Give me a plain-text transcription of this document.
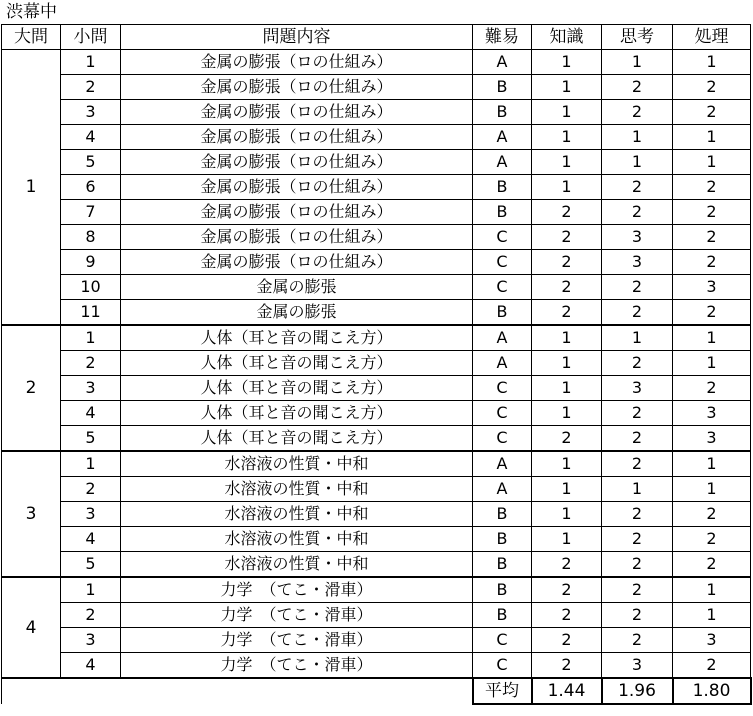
渋幕中
大問	小問	問題内容	難易	知識	思考	処理
1	1	金属の膨張（ロの仕組み）	A	1	1	1
	2	金属の膨張（ロの仕組み）	B	1	2	2
	3	金属の膨張（ロの仕組み）	B	1	2	2
	4	金属の膨張（ロの仕組み）	A	1	1	1
	5	金属の膨張（ロの仕組み）	A	1	1	1
	6	金属の膨張（ロの仕組み）	B	1	2	2
	7	金属の膨張（ロの仕組み）	B	2	2	2
	8	金属の膨張（ロの仕組み）	C	2	3	2
	9	金属の膨張（ロの仕組み）	C	2	3	2
	10	金属の膨張	C	2	2	3
	11	金属の膨張	B	2	2	2
2	1	人体（耳と音の聞こえ方）	A	1	1	1
	2	人体（耳と音の聞こえ方）	A	1	2	1
	3	人体（耳と音の聞こえ方）	C	1	3	2
	4	人体（耳と音の聞こえ方）	C	1	2	3
	5	人体（耳と音の聞こえ方）	C	2	2	3
3	1	水溶液の性質・中和	A	1	2	1
	2	水溶液の性質・中和	A	1	1	1
	3	水溶液の性質・中和	B	1	2	2
	4	水溶液の性質・中和	B	1	2	2
	5	水溶液の性質・中和	B	2	2	2
4	1	力学　（てこ・滑車）	B	2	2	1
	2	力学　（てこ・滑車）	B	2	2	1
	3	力学　（てこ・滑車）	C	2	2	3
	4	力学　（てこ・滑車）	C	2	3	2
			平均	1.44	1.96	1.80
